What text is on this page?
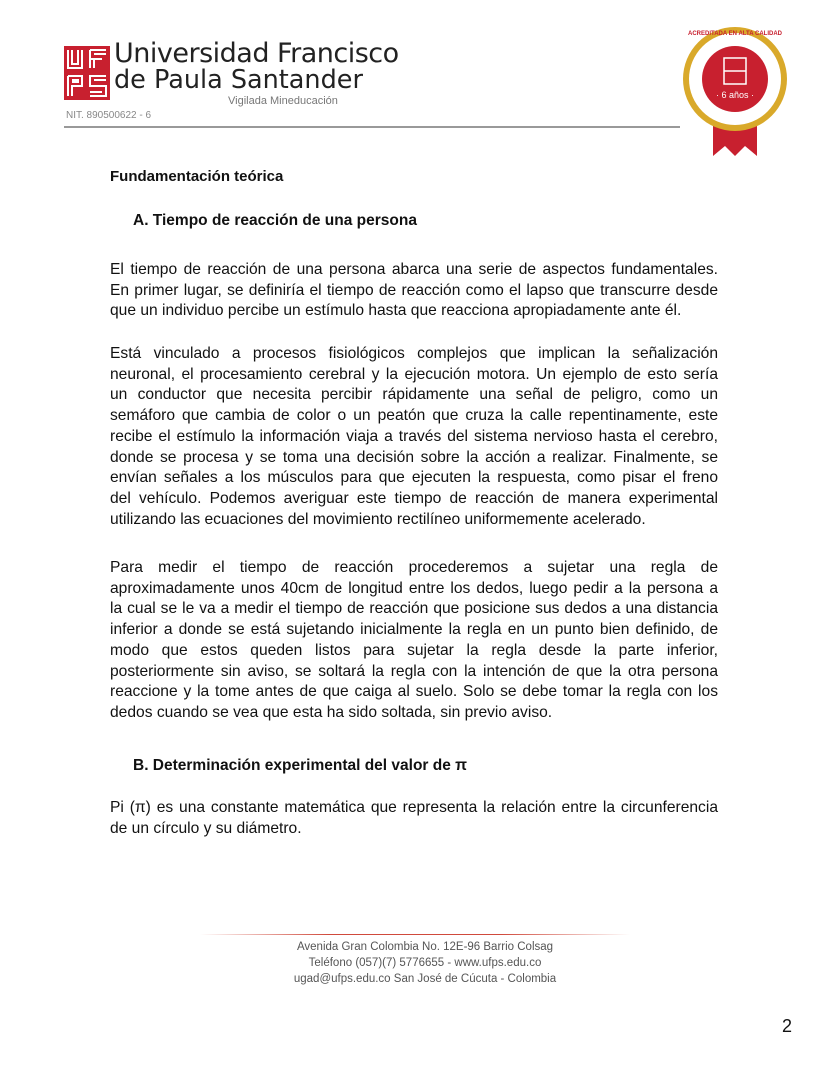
Universidad Francisco
de Paula Santander
Vigilada Mineducación
NIT. 890500622 - 6
ACREDITADA EN ALTA CALIDAD
· 6 años ·
Fundamentación teórica
A. Tiempo de reacción de una persona
El tiempo de reacción de una persona abarca una serie de aspectos fundamentales.
En primer lugar, se definiría el tiempo de reacción como el lapso que transcurre desde
que un individuo percibe un estímulo hasta que reacciona apropiadamente ante él.
Está vinculado a procesos fisiológicos complejos que implican la señalización
neuronal, el procesamiento cerebral y la ejecución motora. Un ejemplo de esto sería
un conductor que necesita percibir rápidamente una señal de peligro, como un
semáforo que cambia de color o un peatón que cruza la calle repentinamente, este
recibe el estímulo la información viaja a través del sistema nervioso hasta el cerebro,
donde se procesa y se toma una decisión sobre la acción a realizar. Finalmente, se
envían señales a los músculos para que ejecuten la respuesta, como pisar el freno
del vehículo. Podemos averiguar este tiempo de reacción de manera experimental
utilizando las ecuaciones del movimiento rectilíneo uniformemente acelerado.
Para medir el tiempo de reacción procederemos a sujetar una regla de
aproximadamente unos 40cm de longitud entre los dedos, luego pedir a la persona a
la cual se le va a medir el tiempo de reacción que posicione sus dedos a una distancia
inferior a donde se está sujetando inicialmente la regla en un punto bien definido, de
modo que estos queden listos para sujetar la regla desde la parte inferior,
posteriormente sin aviso, se soltará la regla con la intención de que la otra persona
reaccione y la tome antes de que caiga al suelo. Solo se debe tomar la regla con los
dedos cuando se vea que esta ha sido soltada, sin previo aviso.
B. Determinación experimental del valor de π
Pi (π) es una constante matemática que representa la relación entre la circunferencia
de un círculo y su diámetro.
Avenida Gran Colombia No. 12E-96 Barrio Colsag
Teléfono (057)(7) 5776655 - www.ufps.edu.co
ugad@ufps.edu.co San José de Cúcuta - Colombia
2
